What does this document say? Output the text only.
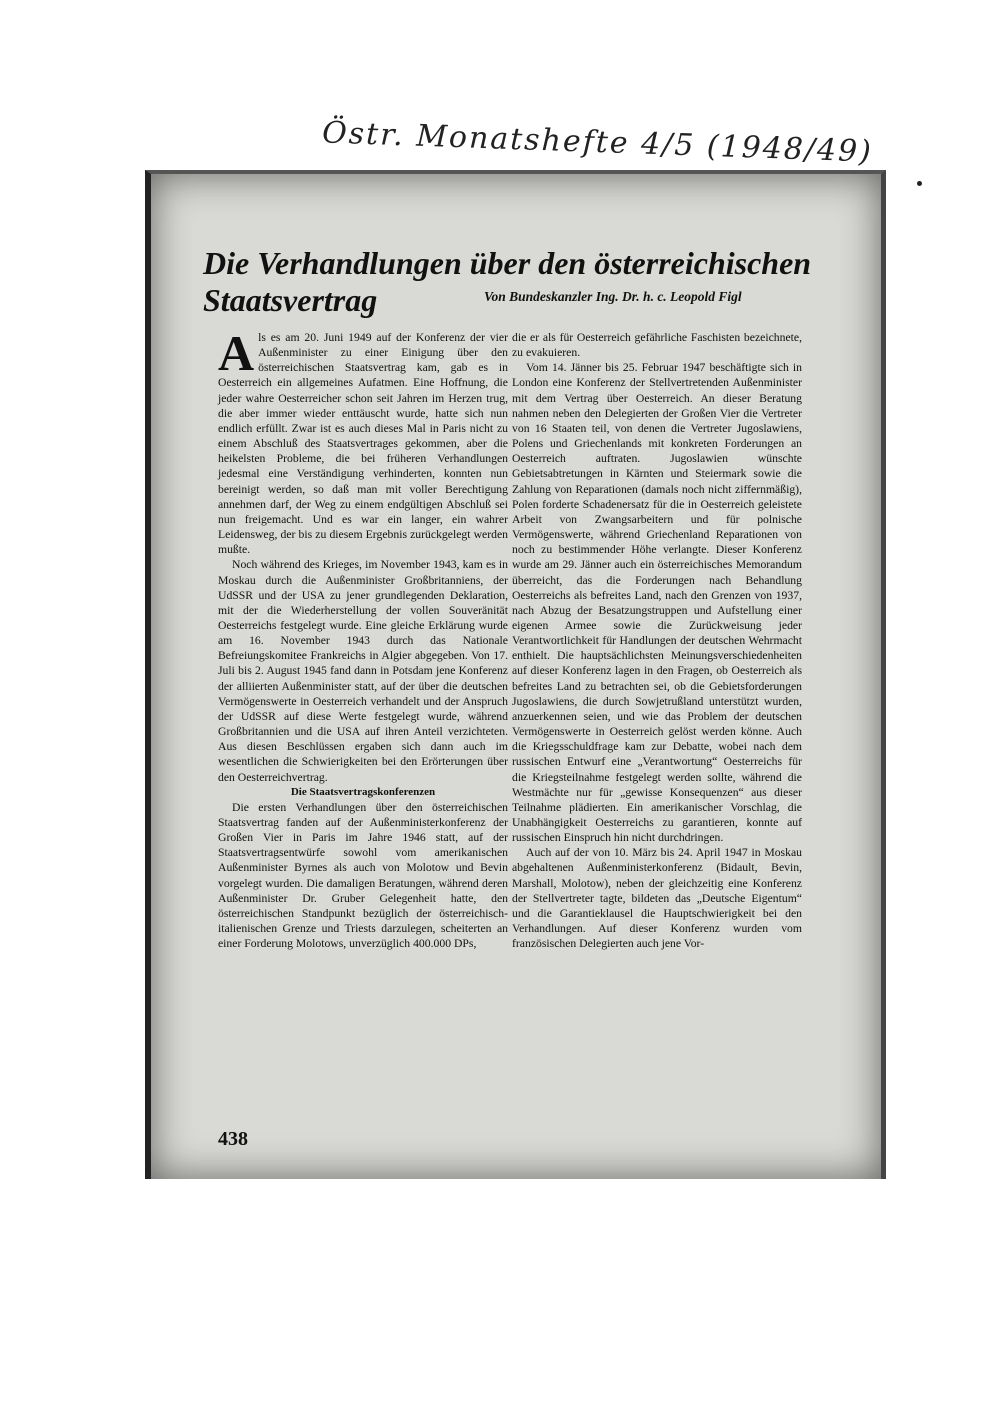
Östr. Monatshefte 4/5 (1948/49)
Die Verhandlungen über den österreichischen
Staatsvertrag	Von Bundeskanzler Ing. Dr. h. c. Leopold Figl

Als es am 20. Juni 1949 auf der Konferenz der vier Außenminister zu einer Einigung über den österreichischen Staatsvertrag kam, gab es in Oesterreich ein allgemeines Aufatmen. Eine Hoffnung, die jeder wahre Oesterreicher schon seit Jahren im Herzen trug, die aber immer wieder enttäuscht wurde, hatte sich nun endlich erfüllt. Zwar ist es auch dieses Mal in Paris nicht zu einem Abschluß des Staatsvertrages gekommen, aber die heikelsten Probleme, die bei früheren Verhandlungen jedesmal eine Verständigung verhinderten, konnten nun bereinigt werden, so daß man mit voller Berechtigung annehmen darf, der Weg zu einem endgültigen Abschluß sei nun freigemacht. Und es war ein langer, ein wahrer Leidensweg, der bis zu diesem Ergebnis zurückgelegt werden mußte.

Noch während des Krieges, im November 1943, kam es in Moskau durch die Außenminister Großbritanniens, der UdSSR und der USA zu jener grundlegenden Deklaration, mit der die Wiederherstellung der vollen Souveränität Oesterreichs festgelegt wurde. Eine gleiche Erklärung wurde am 16. November 1943 durch das Nationale Befreiungskomitee Frankreichs in Algier abgegeben. Von 17. Juli bis 2. August 1945 fand dann in Potsdam jene Konferenz der alliierten Außenminister statt, auf der über die deutschen Vermögenswerte in Oesterreich verhandelt und der Anspruch der UdSSR auf diese Werte festgelegt wurde, während Großbritannien und die USA auf ihren Anteil verzichteten. Aus diesen Beschlüssen ergaben sich dann auch im wesentlichen die Schwierigkeiten bei den Erörterungen über den Oesterreichvertrag.

Die Staatsvertragskonferenzen

Die ersten Verhandlungen über den österreichischen Staatsvertrag fanden auf der Außenministerkonferenz der Großen Vier in Paris im Jahre 1946 statt, auf der Staatsvertragsentwürfe sowohl vom amerikanischen Außenminister Byrnes als auch von Molotow und Bevin vorgelegt wurden. Die damaligen Beratungen, während deren Außenminister Dr. Gruber Gelegenheit hatte, den österreichischen Standpunkt bezüglich der österreichisch-italienischen Grenze und Triests darzulegen, scheiterten an einer Forderung Molotows, unverzüglich 400.000 DPs,

die er als für Oesterreich gefährliche Faschisten bezeichnete, zu evakuieren.

Vom 14. Jänner bis 25. Februar 1947 beschäftigte sich in London eine Konferenz der Stellvertretenden Außenminister mit dem Vertrag über Oesterreich. An dieser Beratung nahmen neben den Delegierten der Großen Vier die Vertreter von 16 Staaten teil, von denen die Vertreter Jugoslawiens, Polens und Griechenlands mit konkreten Forderungen an Oesterreich auftraten. Jugoslawien wünschte Gebietsabtretungen in Kärnten und Steiermark sowie die Zahlung von Reparationen (damals noch nicht ziffernmäßig), Polen forderte Schadenersatz für die in Oesterreich geleistete Arbeit von Zwangsarbeitern und für polnische Vermögenswerte, während Griechenland Reparationen von noch zu bestimmender Höhe verlangte. Dieser Konferenz wurde am 29. Jänner auch ein österreichisches Memorandum überreicht, das die Forderungen nach Behandlung Oesterreichs als befreites Land, nach den Grenzen von 1937, nach Abzug der Besatzungstruppen und Aufstellung einer eigenen Armee sowie die Zurückweisung jeder Verantwortlichkeit für Handlungen der deutschen Wehrmacht enthielt. Die hauptsächlichsten Meinungsverschiedenheiten auf dieser Konferenz lagen in den Fragen, ob Oesterreich als befreites Land zu betrachten sei, ob die Gebietsforderungen Jugoslawiens, die durch Sowjetrußland unterstützt wurden, anzuerkennen seien, und wie das Problem der deutschen Vermögenswerte in Oesterreich gelöst werden könne. Auch die Kriegsschuldfrage kam zur Debatte, wobei nach dem russischen Entwurf eine „Verantwortung“ Oesterreichs für die Kriegsteilnahme festgelegt werden sollte, während die Westmächte nur für „gewisse Konsequenzen“ aus dieser Teilnahme plädierten. Ein amerikanischer Vorschlag, die Unabhängigkeit Oesterreichs zu garantieren, konnte auf russischen Einspruch hin nicht durchdringen.

Auch auf der von 10. März bis 24. April 1947 in Moskau abgehaltenen Außenministerkonferenz (Bidault, Bevin, Marshall, Molotow), neben der gleichzeitig eine Konferenz der Stellvertreter tagte, bildeten das „Deutsche Eigentum“ und die Garantieklausel die Hauptschwierigkeit bei den Verhandlungen. Auf dieser Konferenz wurden vom französischen Delegierten auch jene Vor-

438
